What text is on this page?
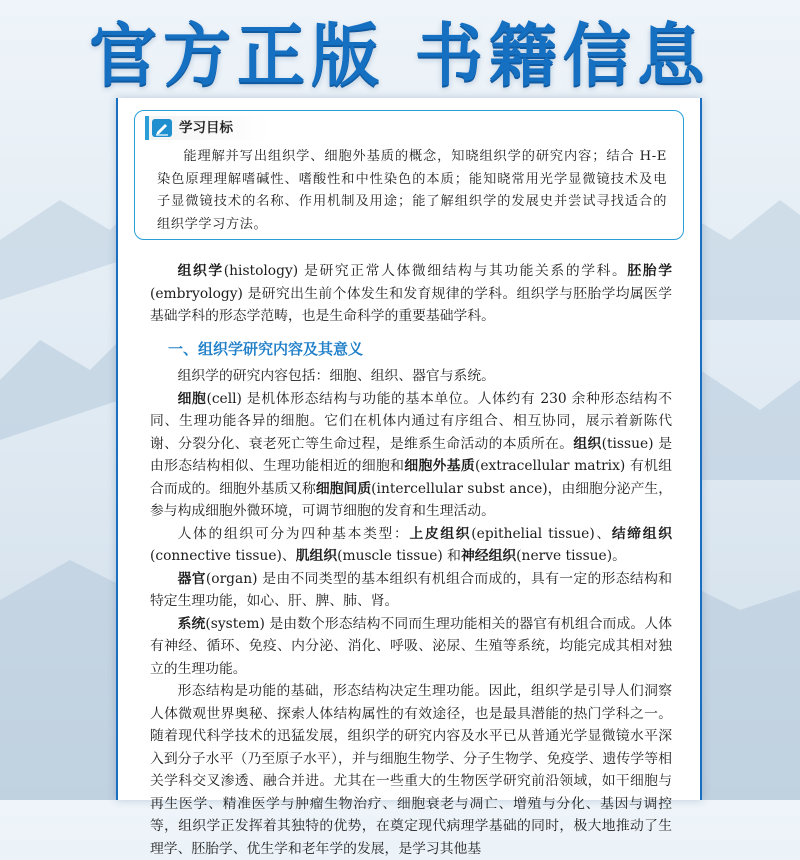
官方正版 书籍信息
学习目标

能理解并写出组织学、细胞外基质的概念，知晓组织学的研究内容；结合 H-E 染色原理理解嗜碱性、嗜酸性和中性染色的本质；能知晓常用光学显微镜技术及电子显微镜技术的名称、作用机制及用途；能了解组织学的发展史并尝试寻找适合的组织学学习方法。

组织学(histology) 是研究正常人体微细结构与其功能关系的学科。胚胎学(embryology) 是研究出生前个体发生和发育规律的学科。组织学与胚胎学均属医学基础学科的形态学范畴，也是生命科学的重要基础学科。

一、组织学研究内容及其意义

组织学的研究内容包括：细胞、组织、器官与系统。

细胞(cell) 是机体形态结构与功能的基本单位。人体约有 230 余种形态结构不同、生理功能各异的细胞。它们在机体内通过有序组合、相互协同，展示着新陈代谢、分裂分化、衰老死亡等生命过程，是维系生命活动的本质所在。组织(tissue) 是由形态结构相似、生理功能相近的细胞和细胞外基质(extracellular matrix) 有机组合而成的。细胞外基质又称细胞间质(intercellular subst ance)，由细胞分泌产生，参与构成细胞外微环境，可调节细胞的发育和生理活动。

人体的组织可分为四种基本类型：上皮组织(epithelial tissue)、结缔组织(connective tissue)、肌组织(muscle tissue) 和神经组织(nerve tissue)。

器官(organ) 是由不同类型的基本组织有机组合而成的，具有一定的形态结构和特定生理功能，如心、肝、脾、肺、肾。

系统(system) 是由数个形态结构不同而生理功能相关的器官有机组合而成。人体有神经、循环、免疫、内分泌、消化、呼吸、泌尿、生殖等系统，均能完成其相对独立的生理功能。

形态结构是功能的基础，形态结构决定生理功能。因此，组织学是引导人们洞察人体微观世界奥秘、探索人体结构属性的有效途径，也是最具潜能的热门学科之一。随着现代科学技术的迅猛发展，组织学的研究内容及水平已从普通光学显微镜水平深入到分子水平（乃至原子水平），并与细胞生物学、分子生物学、免疫学、遗传学等相关学科交叉渗透、融合并进。尤其在一些重大的生物医学研究前沿领域，如干细胞与再生医学、精准医学与肿瘤生物治疗、细胞衰老与凋亡、增殖与分化、基因与调控等，组织学正发挥着其独特的优势，在奠定现代病理学基础的同时，极大地推动了生理学、胚胎学、优生学和老年学的发展，是学习其他基
